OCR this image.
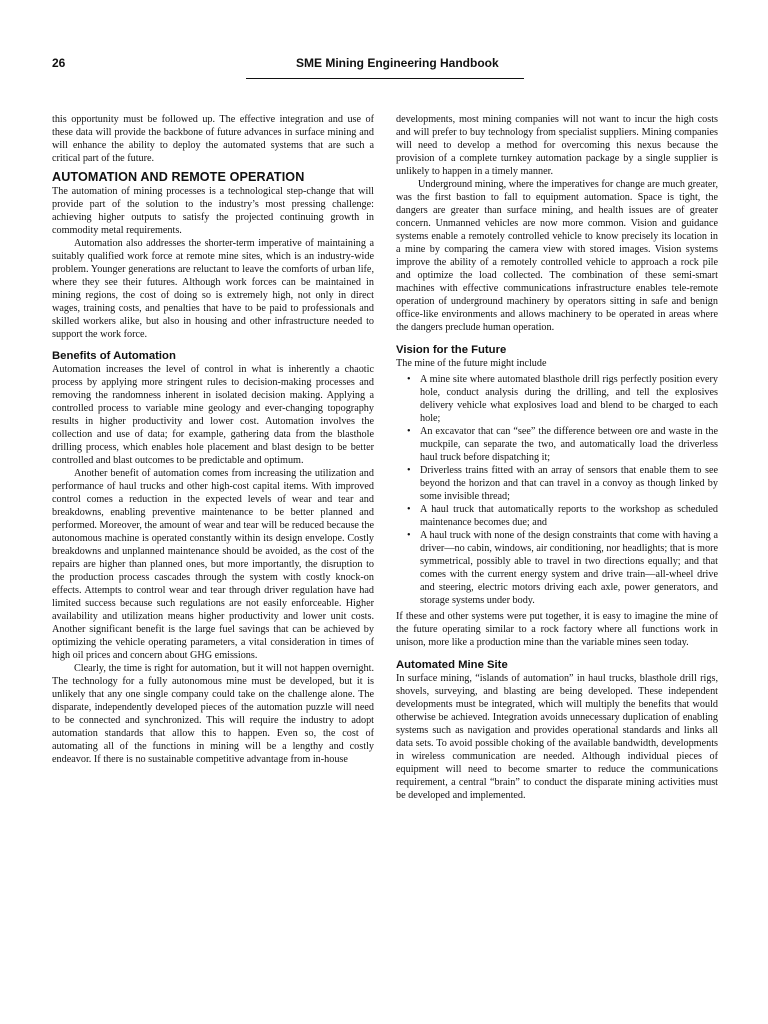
26	SME Mining Engineering Handbook

this opportunity must be followed up. The effective integration and use of these data will provide the backbone of future advances in surface mining and will enhance the ability to deploy the automated systems that are such a critical part of the future.

AUTOMATION AND REMOTE OPERATION

The automation of mining processes is a technological step-change that will provide part of the solution to the industry’s most pressing challenge: achieving higher outputs to satisfy the projected continuing growth in commodity metal requirements.

Automation also addresses the shorter-term imperative of maintaining a suitably qualified work force at remote mine sites, which is an industry-wide problem. Younger generations are reluctant to leave the comforts of urban life, where they see their futures. Although work forces can be maintained in mining regions, the cost of doing so is extremely high, not only in direct wages, training costs, and penalties that have to be paid to professionals and skilled workers alike, but also in housing and other infrastructure needed to support the work force.

Benefits of Automation

Automation increases the level of control in what is inherently a chaotic process by applying more stringent rules to decision-making processes and removing the randomness inherent in isolated decision making. Applying a controlled process to variable mine geology and ever-changing topography results in higher productivity and lower cost. Automation involves the collection and use of data; for example, gathering data from the blasthole drilling process, which enables hole placement and blast design to be better controlled and blast outcomes to be predictable and optimum.

Another benefit of automation comes from increasing the utilization and performance of haul trucks and other high-cost capital items. With improved control comes a reduction in the expected levels of wear and tear and breakdowns, enabling preventive maintenance to be better planned and performed. Moreover, the amount of wear and tear will be reduced because the autonomous machine is operated constantly within its design envelope. Costly breakdowns and unplanned maintenance should be avoided, as the cost of the repairs are higher than planned ones, but more importantly, the disruption to the production process cascades through the system with costly knock-on effects. Attempts to control wear and tear through driver regulation have had limited success because such regulations are not easily enforceable. Higher availability and utilization means higher productivity and lower unit costs. Another significant benefit is the large fuel savings that can be achieved by optimizing the vehicle operating parameters, a vital consideration in times of high oil prices and concern about GHG emissions.

Clearly, the time is right for automation, but it will not happen overnight. The technology for a fully autonomous mine must be developed, but it is unlikely that any one single company could take on the challenge alone. The disparate, independently developed pieces of the automation puzzle will need to be connected and synchronized. This will require the industry to adopt automation standards that allow this to happen. Even so, the cost of automating all of the functions in mining will be a lengthy and costly endeavor. If there is no sustainable competitive advantage from in-house

developments, most mining companies will not want to incur the high costs and will prefer to buy technology from specialist suppliers. Mining companies will need to develop a method for overcoming this nexus because the provision of a complete turnkey automation package by a single supplier is unlikely to happen in a timely manner.

Underground mining, where the imperatives for change are much greater, was the first bastion to fall to equipment automation. Space is tight, the dangers are greater than surface mining, and health issues are of greater concern. Unmanned vehicles are now more common. Vision and guidance systems enable a remotely controlled vehicle to know precisely its location in a mine by comparing the camera view with stored images. Vision systems improve the ability of a remotely controlled vehicle to approach a rock pile and optimize the load collected. The combination of these semi-smart machines with effective communications infrastructure enables tele-remote operation of underground machinery by operators sitting in safe and benign office-like environments and allows machinery to be operated in areas where the dangers preclude human operation.

Vision for the Future

The mine of the future might include

• A mine site where automated blasthole drill rigs perfectly position every hole, conduct analysis during the drilling, and tell the explosives delivery vehicle what explosives load and blend to be charged to each hole;
• An excavator that can “see” the difference between ore and waste in the muckpile, can separate the two, and automatically load the driverless haul truck before dispatching it;
• Driverless trains fitted with an array of sensors that enable them to see beyond the horizon and that can travel in a convoy as though linked by some invisible thread;
• A haul truck that automatically reports to the workshop as scheduled maintenance becomes due; and
• A haul truck with none of the design constraints that come with having a driver—no cabin, windows, air conditioning, nor headlights; that is more symmetrical, possibly able to travel in two directions equally; and that comes with the current energy system and drive train—all-wheel drive and steering, electric motors driving each axle, power generators, and storage systems under body.

If these and other systems were put together, it is easy to imagine the mine of the future operating similar to a rock factory where all functions work in unison, more like a production mine than the variable mines seen today.

Automated Mine Site

In surface mining, “islands of automation” in haul trucks, blasthole drill rigs, shovels, surveying, and blasting are being developed. These independent developments must be integrated, which will multiply the benefits that would otherwise be achieved. Integration avoids unnecessary duplication of enabling systems such as navigation and provides operational standards and links all data sets. To avoid possible choking of the available bandwidth, developments in wireless communication are needed. Although individual pieces of equipment will need to become smarter to reduce the communications requirement, a central “brain” to conduct the disparate mining activities must be developed and implemented.
